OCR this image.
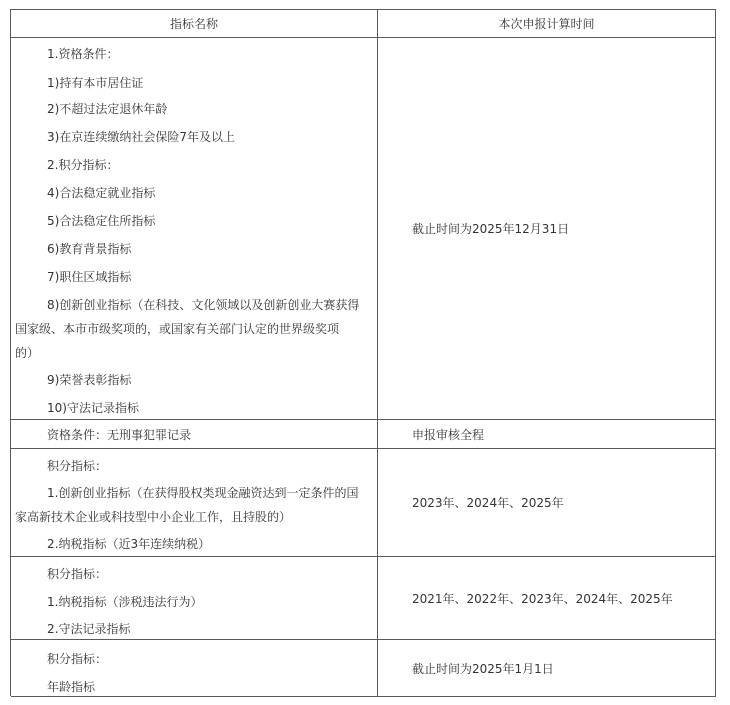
指标名称	本次申报计算时间
1.资格条件：
1)持有本市居住证
2)不超过法定退休年龄
3)在京连续缴纳社会保险7年及以上
2.积分指标：
4)合法稳定就业指标
5)合法稳定住所指标
6)教育背景指标
7)职住区域指标
8)创新创业指标（在科技、文化领域以及创新创业大赛获得
国家级、本市市级奖项的，或国家有关部门认定的世界级奖项
的）
9)荣誉表彰指标
10)守法记录指标
截止时间为2025年12月31日
资格条件：无刑事犯罪记录	申报审核全程
积分指标：
1.创新创业指标（在获得股权类现金融资达到一定条件的国
家高新技术企业或科技型中小企业工作，且持股的）
2.纳税指标（近3年连续纳税）
2023年、2024年、2025年
积分指标：
1.纳税指标（涉税违法行为）
2.守法记录指标
2021年、2022年、2023年、2024年、2025年
积分指标：
年龄指标
截止时间为2025年1月1日
